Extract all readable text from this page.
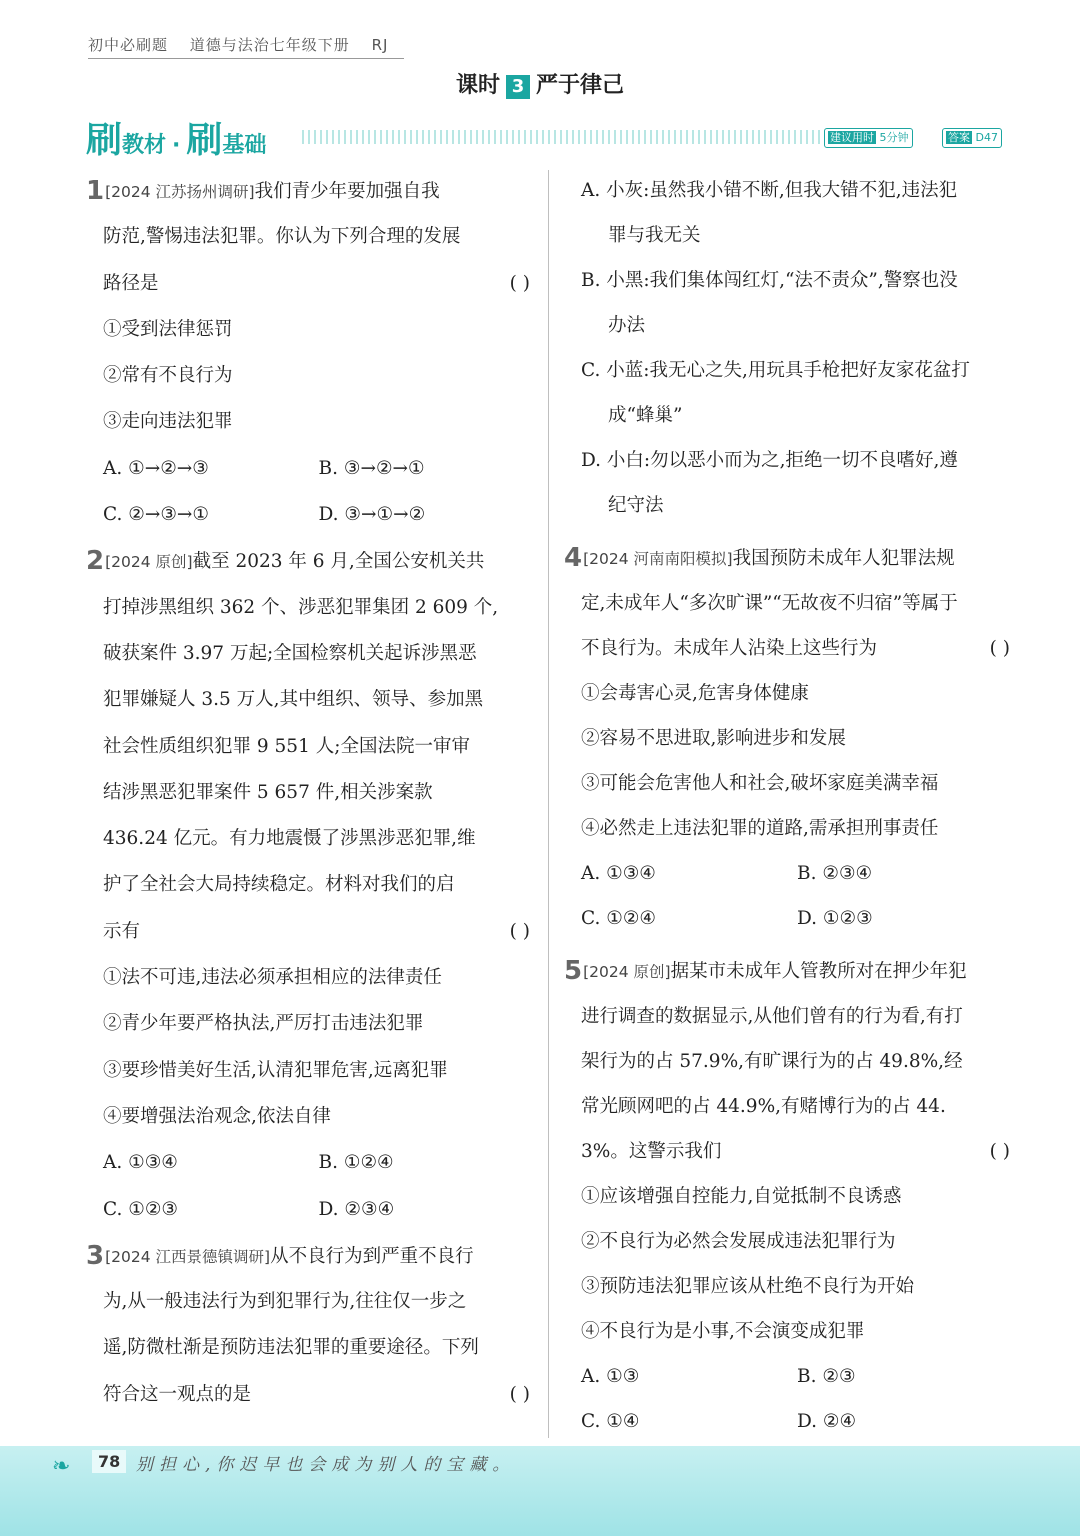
初中必刷题 道德与法治七年级下册 RJ
课时 3 严于律己
刷教材 · 刷基础	建议用时 5分钟	答案 D47
1[2024 江苏扬州调研]我们青少年要加强自我
防范,警惕违法犯罪。你认为下列合理的发展
路径是	( )
①受到法律惩罚
②常有不良行为
③走向违法犯罪
A. ①→②→③	B. ③→②→①
C. ②→③→①	D. ③→①→②
2[2024 原创]截至 2023 年 6 月,全国公安机关共
打掉涉黑组织 362 个、涉恶犯罪集团 2 609 个,
破获案件 3.97 万起;全国检察机关起诉涉黑恶
犯罪嫌疑人 3.5 万人,其中组织、领导、参加黑
社会性质组织犯罪 9 551 人;全国法院一审审
结涉黑恶犯罪案件 5 657 件,相关涉案款
436.24 亿元。有力地震慑了涉黑涉恶犯罪,维
护了全社会大局持续稳定。材料对我们的启
示有	( )
①法不可违,违法必须承担相应的法律责任
②青少年要严格执法,严厉打击违法犯罪
③要珍惜美好生活,认清犯罪危害,远离犯罪
④要增强法治观念,依法自律
A. ①③④	B. ①②④
C. ①②③	D. ②③④
3[2024 江西景德镇调研]从不良行为到严重不良行
为,从一般违法行为到犯罪行为,往往仅一步之
遥,防微杜渐是预防违法犯罪的重要途径。下列
符合这一观点的是	( )
A. 小灰:虽然我小错不断,但我大错不犯,违法犯
罪与我无关
B. 小黑:我们集体闯红灯,“法不责众”,警察也没
办法
C. 小蓝:我无心之失,用玩具手枪把好友家花盆打
成“蜂巢”
D. 小白:勿以恶小而为之,拒绝一切不良嗜好,遵
纪守法
4[2024 河南南阳模拟]我国预防未成年人犯罪法规
定,未成年人“多次旷课”“无故夜不归宿”等属于
不良行为。未成年人沾染上这些行为	( )
①会毒害心灵,危害身体健康
②容易不思进取,影响进步和发展
③可能会危害他人和社会,破坏家庭美满幸福
④必然走上违法犯罪的道路,需承担刑事责任
A. ①③④	B. ②③④
C. ①②④	D. ①②③
5[2024 原创]据某市未成年人管教所对在押少年犯
进行调查的数据显示,从他们曾有的行为看,有打
架行为的占 57.9%,有旷课行为的占 49.8%,经
常光顾网吧的占 44.9%,有赌博行为的占 44.
3%。这警示我们	( )
①应该增强自控能力,自觉抵制不良诱惑
②不良行为必然会发展成违法犯罪行为
③预防违法犯罪应该从杜绝不良行为开始
④不良行为是小事,不会演变成犯罪
A. ①③	B. ②③
C. ①④	D. ②④
❧	78 别担心,你迟早也会成为别人的宝藏。
